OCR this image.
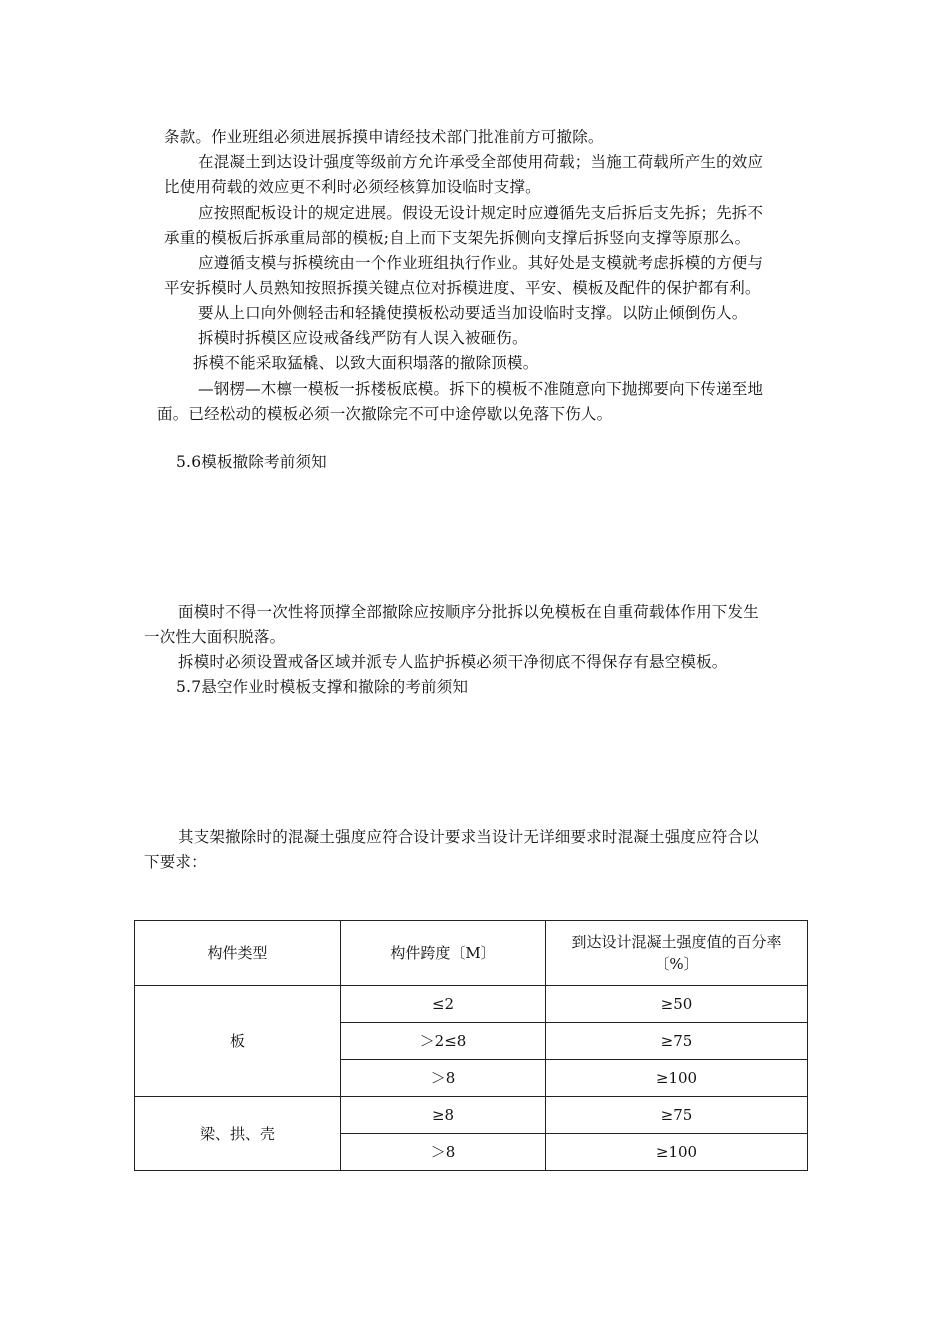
条款。作业班组必须进展拆摸申请经技术部门批准前方可撤除。
在混凝土到达设计强度等级前方允许承受全部使用荷载；当施工荷载所产生的效应
比使用荷载的效应更不利时必须经核算加设临时支撑。
应按照配板设计的规定进展。假设无设计规定时应遵循先支后拆后支先拆；先拆不
承重的模板后拆承重局部的模板;自上而下支架先拆侧向支撑后拆竖向支撑等原那么。
应遵循支模与拆模统由一个作业班组执行作业。其好处是支模就考虑拆模的方便与
平安拆模时人员熟知按照拆摸关键点位对拆模进度、平安、模板及配件的保护都有利。
要从上口向外侧轻击和轻撬使摸板松动要适当加设临时支撑。以防止倾倒伤人。
拆模时拆模区应设戒备线严防有人误入被砸伤。
拆模不能采取猛橇、以致大面积塌落的撤除顶模。
—钢楞—木檩一模板一拆楼板底模。拆下的模板不准随意向下抛掷要向下传递至地
面。已经松动的模板必须一次撤除完不可中途停歇以免落下伤人。
5.6模板撤除考前须知
面模时不得一次性将顶撑全部撤除应按顺序分批拆以免模板在自重荷载体作用下发生
一次性大面积脱落。
拆模时必须设置戒备区域并派专人监护拆模必须干净彻底不得保存有悬空模板。
5.7悬空作业时模板支撑和撤除的考前须知
其支架撤除时的混凝土强度应符合设计要求当设计无详细要求时混凝土强度应符合以
下要求：
构件类型	构件跨度〔M〕	到达设计混凝土强度值的百分率
〔%〕

板	≤2	≥50
	＞2≤8	≥75
	＞8	≥100
梁、拱、壳	≥8	≥75
	＞8	≥100
